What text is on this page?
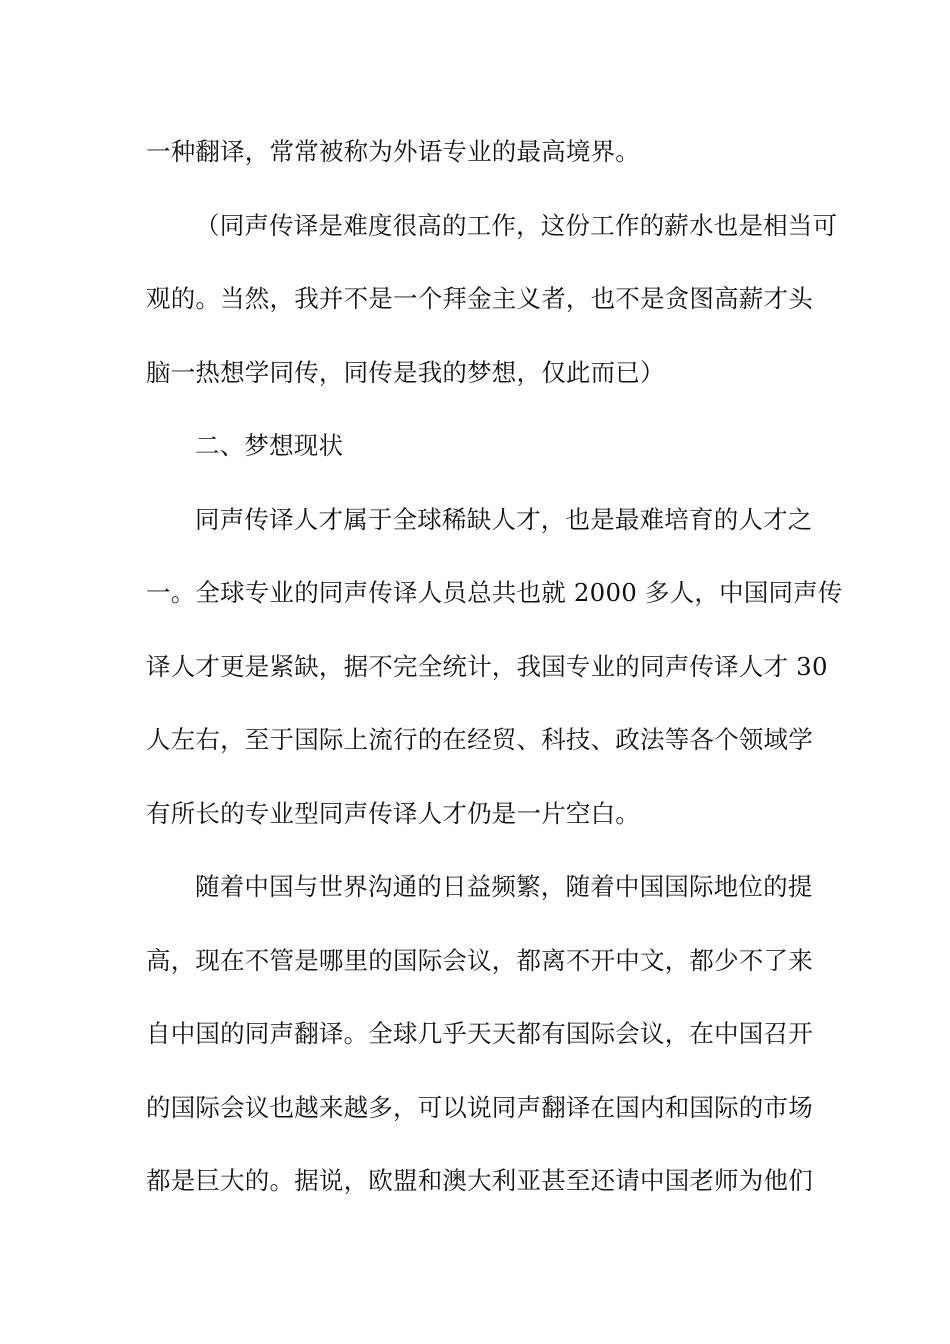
一种翻译，常常被称为外语专业的最高境界。
（同声传译是难度很高的工作，这份工作的薪水也是相当可
观的。当然，我并不是一个拜金主义者，也不是贪图高薪才头
脑一热想学同传，同传是我的梦想，仅此而已）
二、梦想现状
同声传译人才属于全球稀缺人才，也是最难培育的人才之
一。全球专业的同声传译人员总共也就 2000 多人，中国同声传
译人才更是紧缺，据不完全统计，我国专业的同声传译人才 30
人左右，至于国际上流行的在经贸、科技、政法等各个领域学
有所长的专业型同声传译人才仍是一片空白。
随着中国与世界沟通的日益频繁，随着中国国际地位的提
高，现在不管是哪里的国际会议，都离不开中文，都少不了来
自中国的同声翻译。全球几乎天天都有国际会议，在中国召开
的国际会议也越来越多，可以说同声翻译在国内和国际的市场
都是巨大的。据说，欧盟和澳大利亚甚至还请中国老师为他们
